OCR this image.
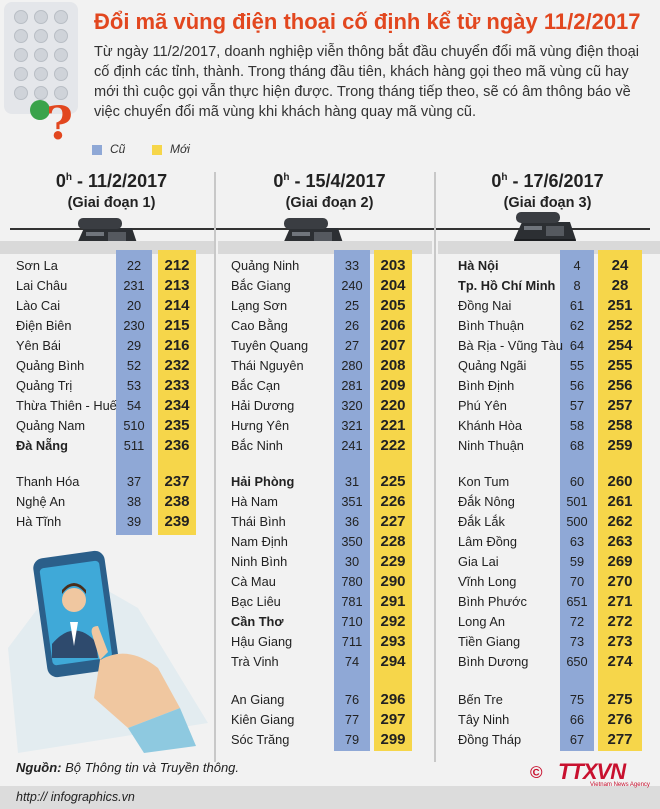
?
Đổi mã vùng điện thoại cố định kể từ ngày 11/2/2017
Từ ngày 11/2/2017, doanh nghiệp viễn thông bắt đầu chuyển đổi mã vùng điện thoại cố định các tỉnh, thành. Trong tháng đầu tiên, khách hàng gọi theo mã vùng cũ hay mới thì cuộc gọi vẫn thực hiện được. Trong tháng tiếp theo, sẽ có âm thông báo về việc chuyển đổi mã vùng khi khách hàng quay mã vùng cũ.
Cũ	Mới
0$^h$ - 11/2/2017
(Giai đoạn 1)
0$^h$ - 15/4/2017
(Giai đoạn 2)
0$^h$ - 17/6/2017
(Giai đoạn 3)
Sơn La	22	212
Lai Châu	231	213
Lào Cai	20	214
Điện Biên	230	215
Yên Bái	29	216
Quảng Bình	52	232
Quảng Trị	53	233
Thừa Thiên - Huế 54	234
Quảng Nam	510	235
Đà Nẵng	511	236
Thanh Hóa	37	237
Nghệ An	38	238
Hà Tĩnh	39	239
Quảng Ninh	33	203
Bắc Giang	240	204
Lạng Sơn	25	205
Cao Bằng	26	206
Tuyên Quang	27	207
Thái Nguyên	280	208
Bắc Cạn	281	209
Hải Dương	320	220
Hưng Yên	321	221
Bắc Ninh	241	222
Hải Phòng	31	225
Hà Nam	351	226
Thái Bình	36	227
Nam Định	350	228
Ninh Bình	30	229
Cà Mau	780	290
Bạc Liêu	781	291
Cần Thơ	710	292
Hậu Giang	711	293
Trà Vinh	74	294
An Giang	76	296
Kiên Giang	77	297
Sóc Trăng	79	299
Hà Nội	4	24
Tp. Hồ Chí Minh	8	28
Đồng Nai	61	251
Bình Thuận	62	252
Bà Rịa - Vũng Tàu 64	254
Quảng Ngãi	55	255
Bình Định	56	256
Phú Yên	57	257
Khánh Hòa	58	258
Ninh Thuận	68	259
Kon Tum	60	260
Đắk Nông	501	261
Đắk Lắk	500	262
Lâm Đồng	63	263
Gia Lai	59	269
Vĩnh Long	70	270
Bình Phước	651	271
Long An	72	272
Tiền Giang	73	273
Bình Dương	650	274
Bến Tre	75	275
Tây Ninh	66	276
Đồng Tháp	67	277
Nguồn: Bộ Thông tin và Truyền thông.
http:// infographics.vn
© TTXVN
Vietnam News Agency
